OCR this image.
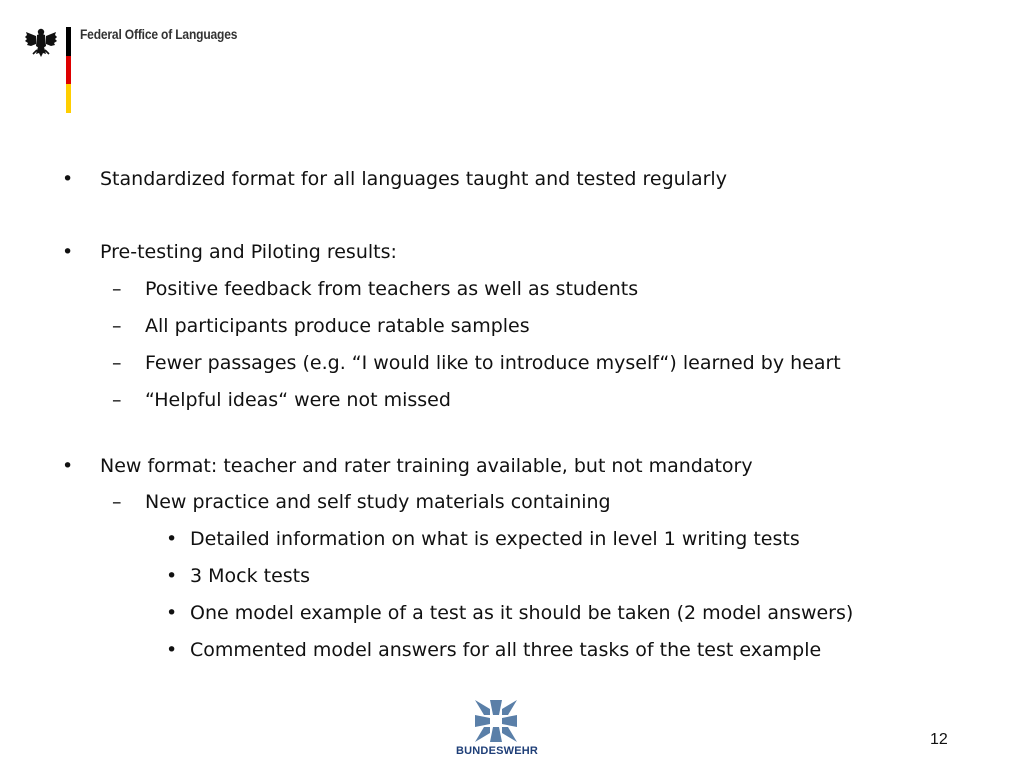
Federal Office of Languages
• Standardized format for all languages taught and tested regularly
• Pre-testing and Piloting results:
– Positive feedback from teachers as well as students
– All participants produce ratable samples
– Fewer passages (e.g. “I would like to introduce myself“) learned by heart
– “Helpful ideas“ were not missed
• New format: teacher and rater training available, but not mandatory
– New practice and self study materials containing
• Detailed information on what is expected in level 1 writing tests
• 3 Mock tests
• One model example of a test as it should be taken (2 model answers)
• Commented model answers for all three tasks of the test example
BUNDESWEHR
12
